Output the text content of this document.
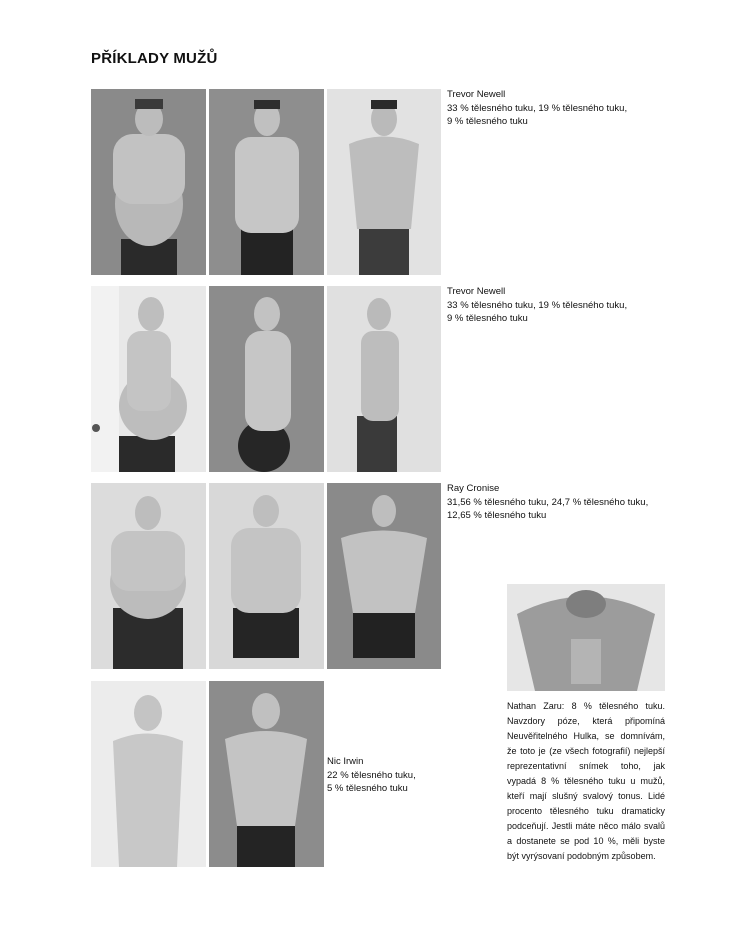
PŘÍKLADY MUŽŮ
Trevor Newell
33 % tělesného tuku, 19 % tělesného tuku,
9 % tělesného tuku
Trevor Newell
33 % tělesného tuku, 19 % tělesného tuku,
9 % tělesného tuku
Ray Cronise
31,56 % tělesného tuku, 24,7 % tělesného tuku,
12,65 % tělesného tuku
Nic Irwin
22 % tělesného tuku,
5 % tělesného tuku
Nathan Zaru: 8 % tělesného tuku. Navzdory póze, která připomíná Neuvěřitelného Hulka, se domnívám, že toto je (ze všech fotografií) nejlepší reprezentativní snímek toho, jak vypadá 8 % tělesného tuku u mužů, kteří mají slušný svalový tonus. Lidé procento tělesného tuku dramaticky podceňují. Jestli máte něco málo svalů a dostanete se pod 10 %, měli byste být vyrýsovaní podobným způsobem.
